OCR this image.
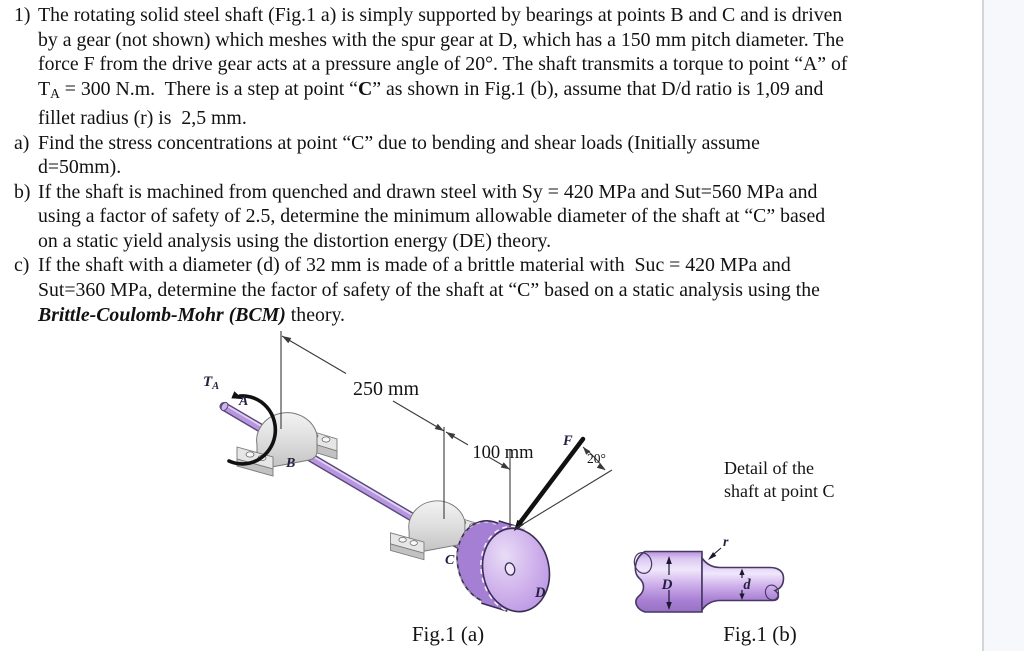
1) The rotating solid steel shaft (Fig.1 a) is simply supported by bearings at points B and C and is driven
by a gear (not shown) which meshes with the spur gear at D, which has a 150 mm pitch diameter. The
force F from the drive gear acts at a pressure angle of 20°. The shaft transmits a torque to point “A” of
TA = 300 N.m.  There is a step at point “C” as shown in Fig.1 (b), assume that D/d ratio is 1,09 and
fillet radius (r) is  2,5 mm.
a) Find the stress concentrations at point “C” due to bending and shear loads (Initially assume
d=50mm).
b) If the shaft is machined from quenched and drawn steel with Sy = 420 MPa and Sut=560 MPa and
using a factor of safety of 2.5, determine the minimum allowable diameter of the shaft at “C” based
on a static yield analysis using the distortion energy (DE) theory.
c) If the shaft with a diameter (d) of 32 mm is made of a brittle material with  Suc = 420 MPa and
Sut=360 MPa, determine the factor of safety of the shaft at “C” based on a static analysis using the
Brittle-Coulomb-Mohr (BCM) theory.
250 mm
100 mm	20°
$T_A$
A
B
C
D
F
Fig.1 (a)
Detail of the
shaft at point C
D	d
r
Fig.1 (b)
